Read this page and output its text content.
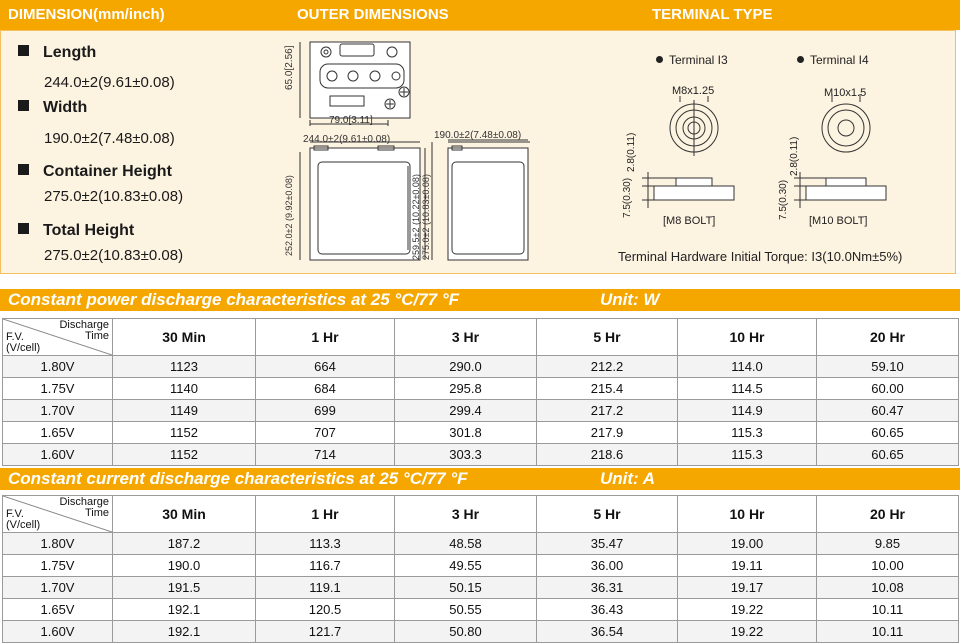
DIMENSION(mm/inch)	OUTER DIMENSIONS	TERMINAL TYPE
Length
244.0±2(9.61±0.08)
Width
190.0±2(7.48±0.08)
Container Height
275.0±2(10.83±0.08)
Total Height
275.0±2(10.83±0.08)
65.0[2.56]
79.0[3.11]
244.0±2(9.61±0.08)	190.0±2(7.48±0.08)
252.0±2 (9.92±0.08)	259.5±2 (10.22±0.08) 275.0±2 (10.83±0.08)
Terminal I3	Terminal I4
M8x1.25	M10x1.5
2.8(0.11)
7.5(0.30)
2.8(0.11)
7.5(0.30)
[M8 BOLT]	[M10 BOLT]
Terminal Hardware Initial Torque: I3(10.0Nm±5%)
Constant power discharge characteristics at 25 °C/77 °F	Unit: W
Discharge
Time
F.V.
(V/cell)	30 Min	1 Hr	3 Hr	5 Hr	10 Hr	20 Hr
1.80V	1123	664	290.0	212.2	114.0	59.10
1.75V	1140	684	295.8	215.4	114.5	60.00
1.70V	1149	699	299.4	217.2	114.9	60.47
1.65V	1152	707	301.8	217.9	115.3	60.65
1.60V	1152	714	303.3	218.6	115.3	60.65
Constant current discharge characteristics at 25 °C/77 °F	Unit: A
Discharge
Time
F.V.
(V/cell)	30 Min	1 Hr	3 Hr	5 Hr	10 Hr	20 Hr
1.80V	187.2	113.3	48.58	35.47	19.00	9.85
1.75V	190.0	116.7	49.55	36.00	19.11	10.00
1.70V	191.5	119.1	50.15	36.31	19.17	10.08
1.65V	192.1	120.5	50.55	36.43	19.22	10.11
1.60V	192.1	121.7	50.80	36.54	19.22	10.11
